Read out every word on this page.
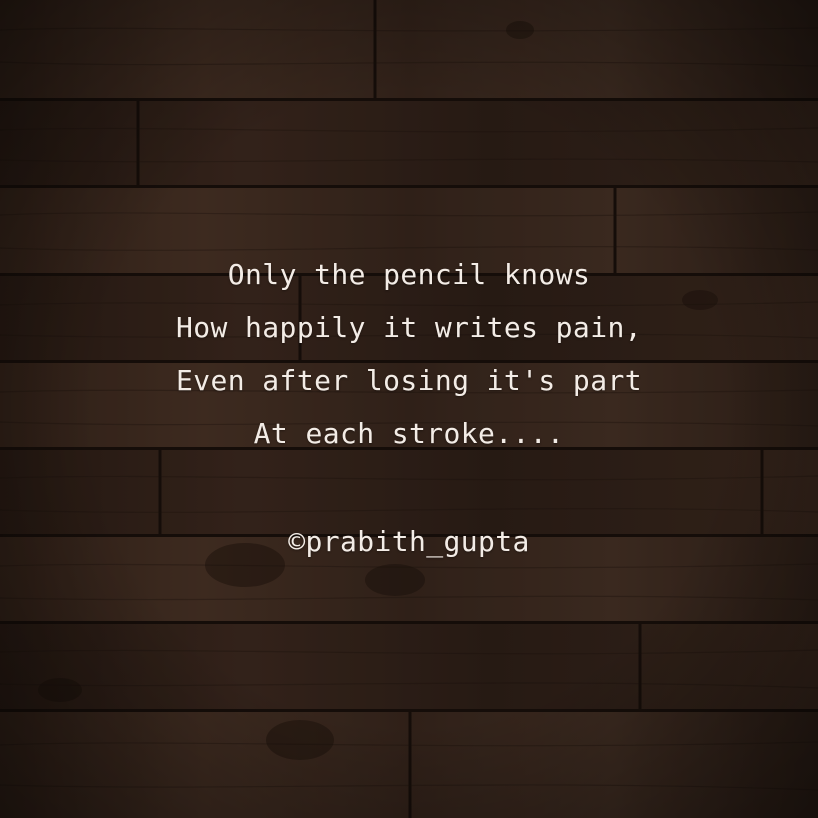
Only the pencil knows
How happily it writes pain,
Even after losing it's part
At each stroke....
©prabith_gupta
